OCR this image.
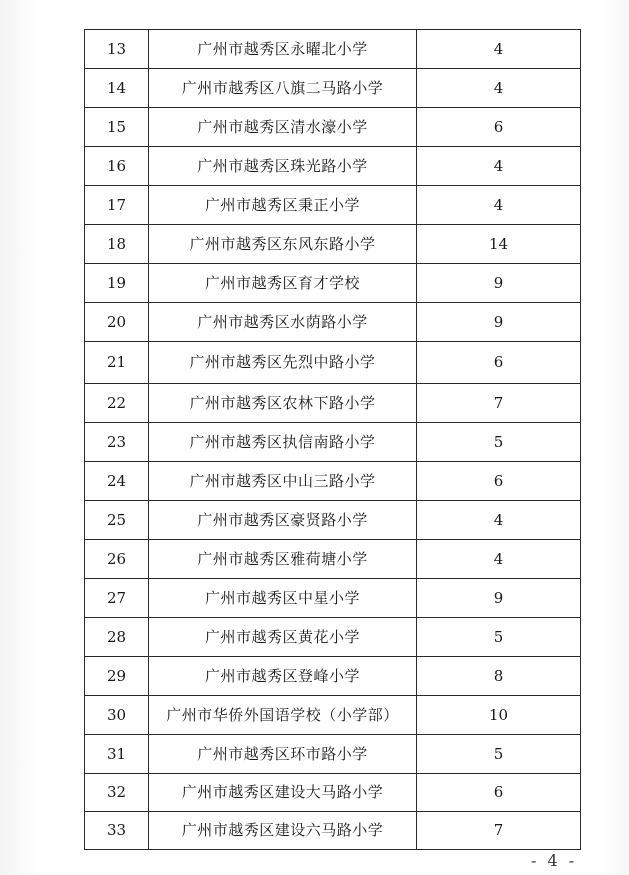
13	广州市越秀区永曜北小学	4
14	广州市越秀区八旗二马路小学	4
15	广州市越秀区清水濠小学	6
16	广州市越秀区珠光路小学	4
17	广州市越秀区秉正小学	4
18	广州市越秀区东风东路小学	14
19	广州市越秀区育才学校	9
20	广州市越秀区水荫路小学	9
21	广州市越秀区先烈中路小学	6
22	广州市越秀区农林下路小学	7
23	广州市越秀区执信南路小学	5
24	广州市越秀区中山三路小学	6
25	广州市越秀区豪贤路小学	4
26	广州市越秀区雅荷塘小学	4
27	广州市越秀区中星小学	9
28	广州市越秀区黄花小学	5
29	广州市越秀区登峰小学	8
30	广州市华侨外国语学校（小学部）	10
31	广州市越秀区环市路小学	5
32	广州市越秀区建设大马路小学	6
33	广州市越秀区建设六马路小学	7
- 4 -
